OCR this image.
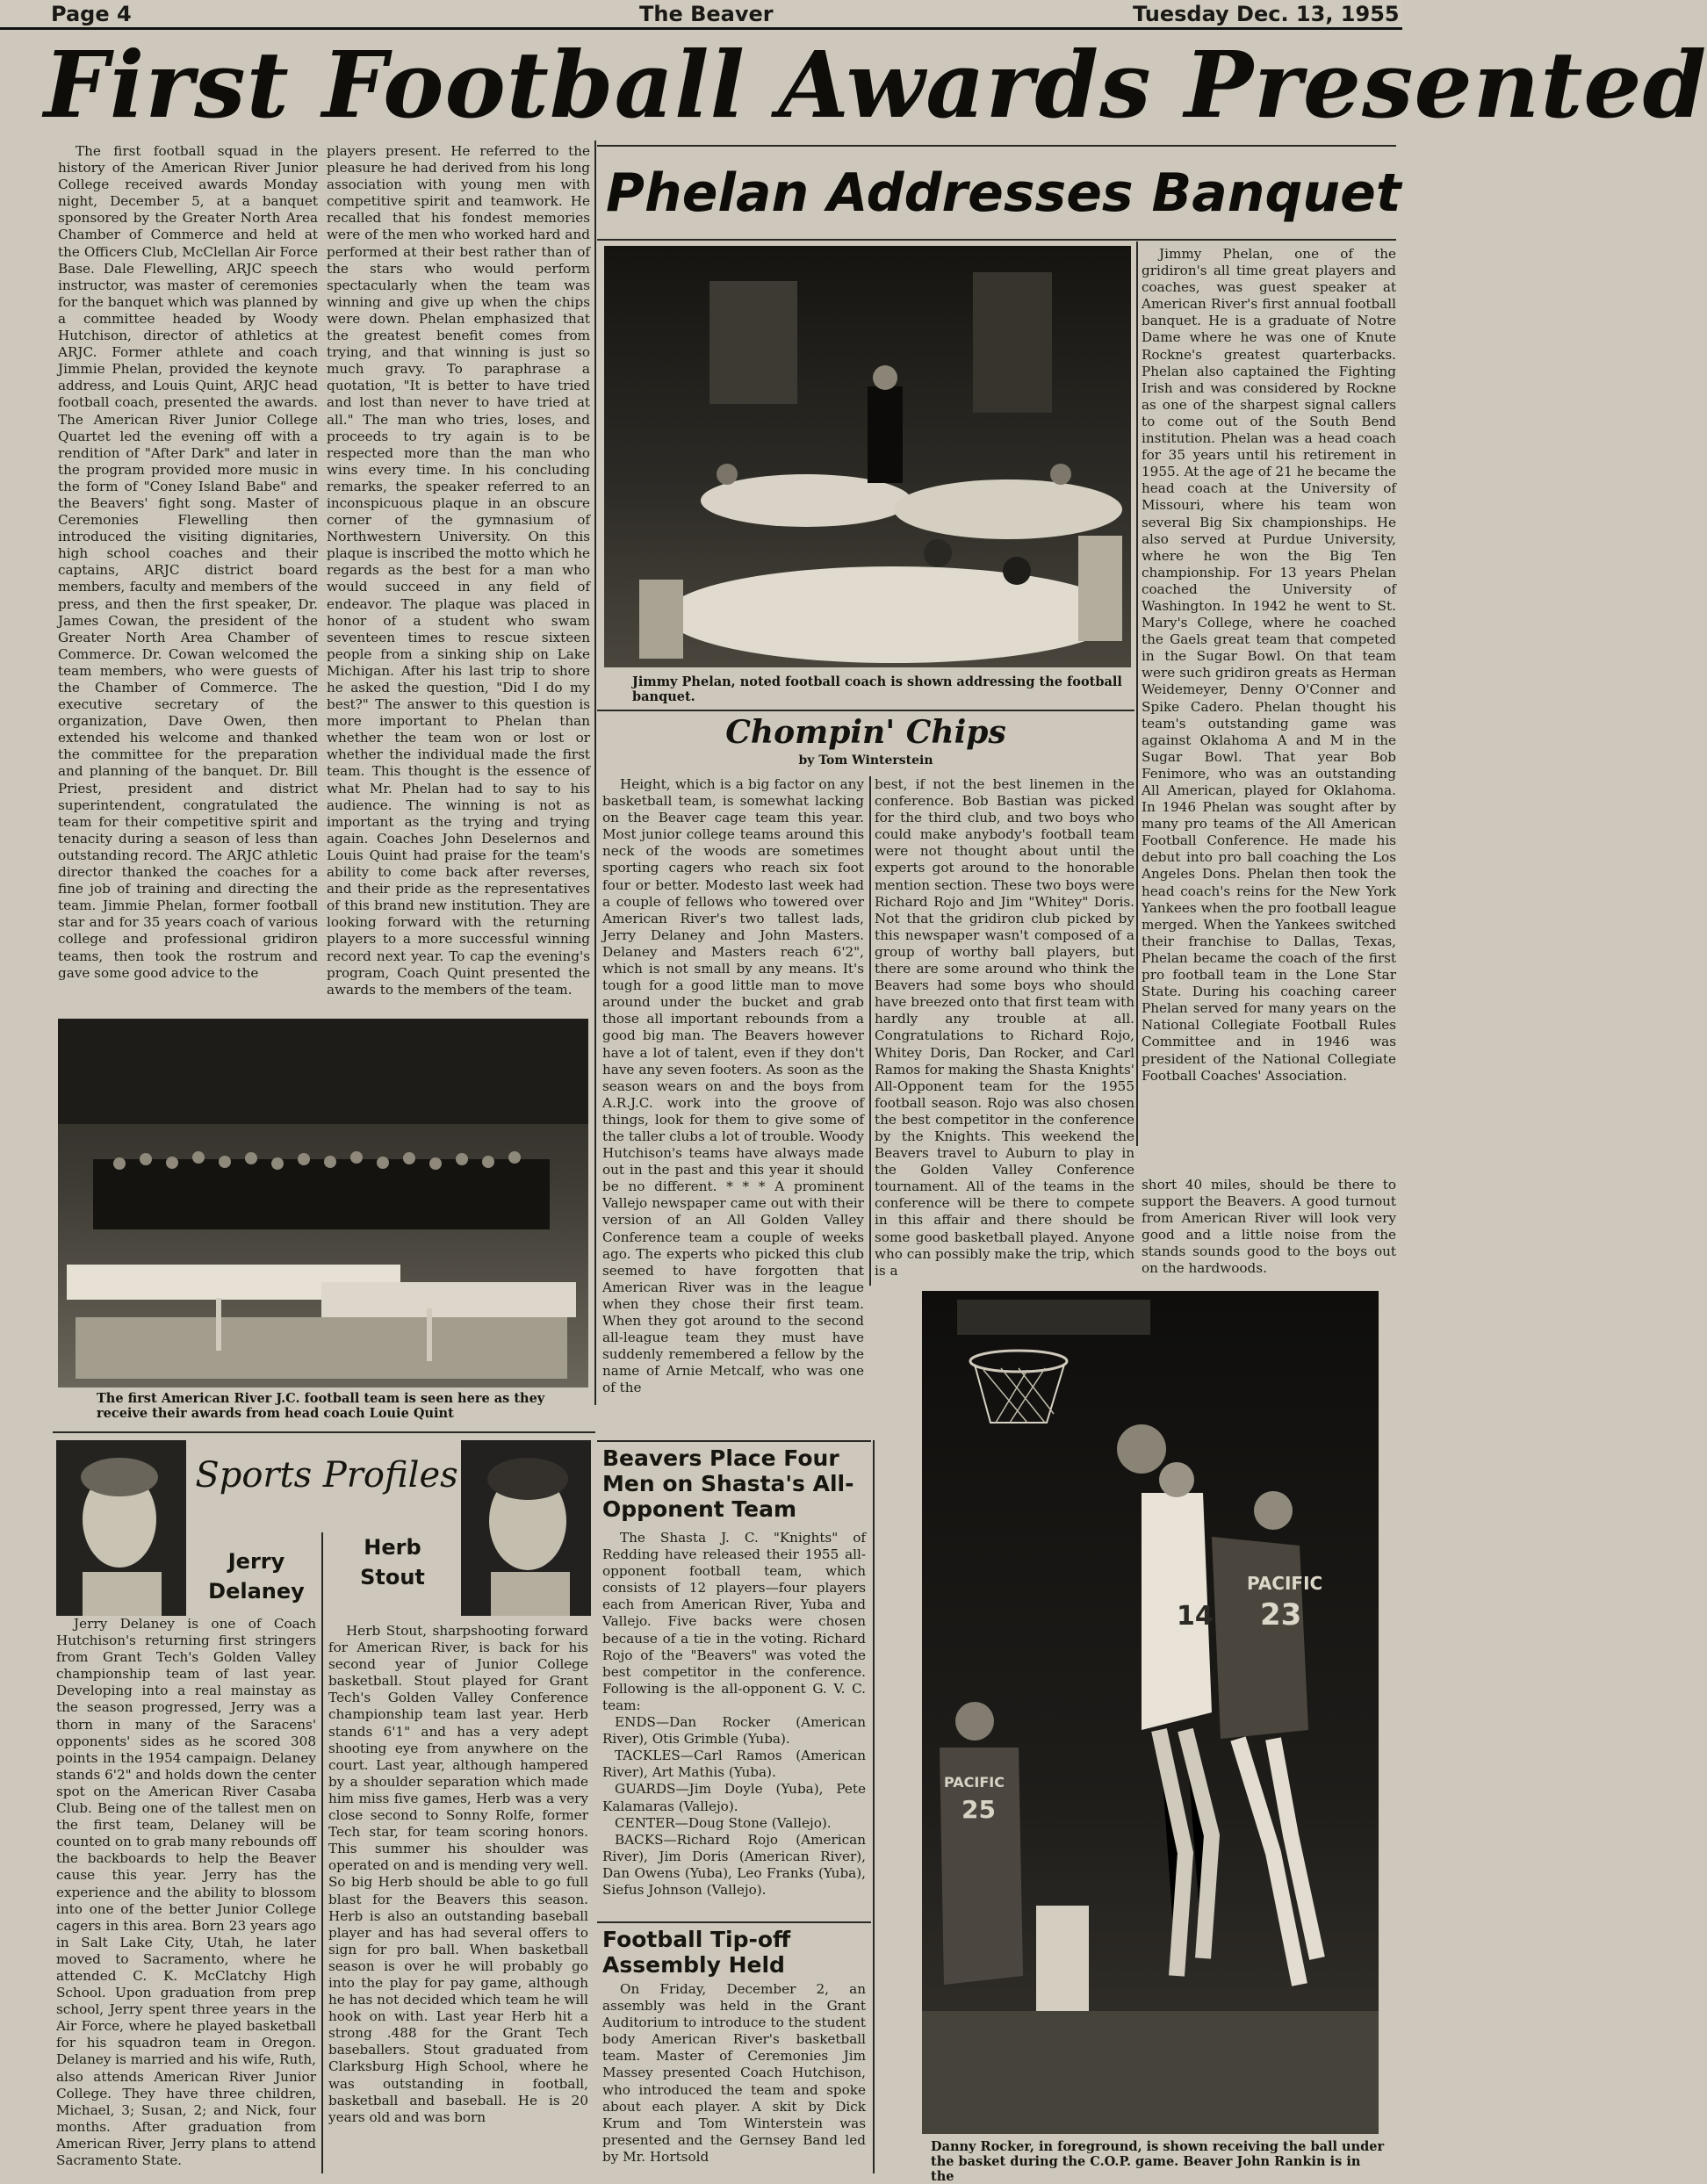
Page 4	The Beaver	Tuesday Dec. 13, 1955
First Football Awards Presented

The first football squad in the history of the American River Junior College received awards Monday night, December 5, at a banquet sponsored by the Greater North Area Chamber of Commerce and held at the Officers Club, McClellan Air Force Base. Dale Flewelling, ARJC speech instructor, was master of ceremonies for the banquet which was planned by a committee headed by Woody Hutchison, director of athletics at ARJC. Former athlete and coach Jimmie Phelan, provided the keynote address, and Louis Quint, ARJC head football coach, presented the awards. The American River Junior College Quartet led the evening off with a rendition of "After Dark" and later in the program provided more music in the form of "Coney Island Babe" and the Beavers' fight song. Master of Ceremonies Flewelling then introduced the visiting dignitaries, high school coaches and their captains, ARJC district board members, faculty and members of the press, and then the first speaker, Dr. James Cowan, the president of the Greater North Area Chamber of Commerce. Dr. Cowan welcomed the team members, who were guests of the Chamber of Commerce. The executive secretary of the organization, Dave Owen, then extended his welcome and thanked the committee for the preparation and planning of the banquet. Dr. Bill Priest, president and district superintendent, congratulated the team for their competitive spirit and tenacity during a season of less than outstanding record. The ARJC athletic director thanked the coaches for a fine job of training and directing the team. Jimmie Phelan, former football star and for 35 years coach of various college and professional gridiron teams, then took the rostrum and gave some good advice to the

players present. He referred to the pleasure he had derived from his long association with young men with competitive spirit and teamwork. He recalled that his fondest memories were of the men who worked hard and performed at their best rather than of the stars who would perform spectacularly when the team was winning and give up when the chips were down. Phelan emphasized that the greatest benefit comes from trying, and that winning is just so much gravy. To paraphrase a quotation, "It is better to have tried and lost than never to have tried at all." The man who tries, loses, and proceeds to try again is to be respected more than the man who wins every time. In his concluding remarks, the speaker referred to an inconspicuous plaque in an obscure corner of the gymnasium of Northwestern University. On this plaque is inscribed the motto which he regards as the best for a man who would succeed in any field of endeavor. The plaque was placed in honor of a student who swam seventeen times to rescue sixteen people from a sinking ship on Lake Michigan. After his last trip to shore he asked the question, "Did I do my best?" The answer to this question is more important to Phelan than whether the team won or lost or whether the individual made the first team. This thought is the essence of what Mr. Phelan had to say to his audience. The winning is not as important as the trying and trying again. Coaches John Deselernos and Louis Quint had praise for the team's ability to come back after reverses, and their pride as the representatives of this brand new institution. They are looking forward with the returning players to a more successful winning record next year. To cap the evening's program, Coach Quint presented the awards to the members of the team.

Phelan Addresses Banquet
Jimmy Phelan, noted football coach is shown addressing the football banquet.

Jimmy Phelan, one of the gridiron's all time great players and coaches, was guest speaker at American River's first annual football banquet. He is a graduate of Notre Dame where he was one of Knute Rockne's greatest quarterbacks. Phelan also captained the Fighting Irish and was considered by Rockne as one of the sharpest signal callers to come out of the South Bend institution. Phelan was a head coach for 35 years until his retirement in 1955. At the age of 21 he became the head coach at the University of Missouri, where his team won several Big Six championships. He also served at Purdue University, where he won the Big Ten championship. For 13 years Phelan coached the University of Washington. In 1942 he went to St. Mary's College, where he coached the Gaels great team that competed in the Sugar Bowl. On that team were such gridiron greats as Herman Weidemeyer, Denny O'Conner and Spike Cadero. Phelan thought his team's outstanding game was against Oklahoma A and M in the Sugar Bowl. That year Bob Fenimore, who was an outstanding All American, played for Oklahoma. In 1946 Phelan was sought after by many pro teams of the All American Football Conference. He made his debut into pro ball coaching the Los Angeles Dons. Phelan then took the head coach's reins for the New York Yankees when the pro football league merged. When the Yankees switched their franchise to Dallas, Texas, Phelan became the coach of the first pro football team in the Lone Star State. During his coaching career Phelan served for many years on the National Collegiate Football Rules Committee and in 1946 was president of the National Collegiate Football Coaches' Association.

Chompin' Chips
by Tom Winterstein

Height, which is a big factor on any basketball team, is somewhat lacking on the Beaver cage team this year. Most junior college teams around this neck of the woods are sometimes sporting cagers who reach six foot four or better. Modesto last week had a couple of fellows who towered over American River's two tallest lads, Jerry Delaney and John Masters. Delaney and Masters reach 6'2", which is not small by any means. It's tough for a good little man to move around under the bucket and grab those all important rebounds from a good big man. The Beavers however have a lot of talent, even if they don't have any seven footers. As soon as the season wears on and the boys from A.R.J.C. work into the groove of things, look for them to give some of the taller clubs a lot of trouble. Woody Hutchison's teams have always made out in the past and this year it should be no different. * * * A prominent Vallejo newspaper came out with their version of an All Golden Valley Conference team a couple of weeks ago. The experts who picked this club seemed to have forgotten that American River was in the league when they chose their first team. When they got around to the second all-league team they must have suddenly remembered a fellow by the name of Arnie Metcalf, who was one of the

best, if not the best linemen in the conference. Bob Bastian was picked for the third club, and two boys who could make anybody's football team were not thought about until the experts got around to the honorable mention section. These two boys were Richard Rojo and Jim "Whitey" Doris. Not that the gridiron club picked by this newspaper wasn't composed of a group of worthy ball players, but there are some around who think the Beavers had some boys who should have breezed onto that first team with hardly any trouble at all. Congratulations to Richard Rojo, Whitey Doris, Dan Rocker, and Carl Ramos for making the Shasta Knights' All-Opponent team for the 1955 football season. Rojo was also chosen the best competitor in the conference by the Knights. This weekend the Beavers travel to Auburn to play in the Golden Valley Conference tournament. All of the teams in the conference will be there to compete in this affair and there should be some good basketball played. Anyone who can possibly make the trip, which is a

short 40 miles, should be there to support the Beavers. A good turnout from American River will look very good and a little noise from the stands sounds good to the boys out on the hardwoods.

The first American River J.C. football team is seen here as they receive their awards from head coach Louie Quint
Sports Profiles
Jerry
Delaney
Herb
Stout

Jerry Delaney is one of Coach Hutchison's returning first stringers from Grant Tech's Golden Valley championship team of last year. Developing into a real mainstay as the season progressed, Jerry was a thorn in many of the Saracens' opponents' sides as he scored 308 points in the 1954 campaign. Delaney stands 6'2" and holds down the center spot on the American River Casaba Club. Being one of the tallest men on the first team, Delaney will be counted on to grab many rebounds off the backboards to help the Beaver cause this year. Jerry has the experience and the ability to blossom into one of the better Junior College cagers in this area. Born 23 years ago in Salt Lake City, Utah, he later moved to Sacramento, where he attended C. K. McClatchy High School. Upon graduation from prep school, Jerry spent three years in the Air Force, where he played basketball for his squadron team in Oregon. Delaney is married and his wife, Ruth, also attends American River Junior College. They have three children, Michael, 3; Susan, 2; and Nick, four months. After graduation from American River, Jerry plans to attend Sacramento State.

Herb Stout, sharpshooting forward for American River, is back for his second year of Junior College basketball. Stout played for Grant Tech's Golden Valley Conference championship team last year. Herb stands 6'1" and has a very adept shooting eye from anywhere on the court. Last year, although hampered by a shoulder separation which made him miss five games, Herb was a very close second to Sonny Rolfe, former Tech star, for team scoring honors. This summer his shoulder was operated on and is mending very well. So big Herb should be able to go full blast for the Beavers this season. Herb is also an outstanding baseball player and has had several offers to sign for pro ball. When basketball season is over he will probably go into the play for pay game, although he has not decided which team he will hook on with. Last year Herb hit a strong .488 for the Grant Tech baseballers. Stout graduated from Clarksburg High School, where he was outstanding in football, basketball and baseball. He is 20 years old and was born

Beavers Place Four Men on Shasta's All-Opponent Team

The Shasta J. C. "Knights" of Redding have released their 1955 all-opponent football team, which consists of 12 players—four players each from American River, Yuba and Vallejo. Five backs were chosen because of a tie in the voting. Richard Rojo of the "Beavers" was voted the best competitor in the conference. Following is the all-opponent G. V. C. team:

ENDS—Dan Rocker (American River), Otis Grimble (Yuba).

TACKLES—Carl Ramos (American River), Art Mathis (Yuba).

GUARDS—Jim Doyle (Yuba), Pete Kalamaras (Vallejo).

CENTER—Doug Stone (Vallejo).

BACKS—Richard Rojo (American River), Jim Doris (American River), Dan Owens (Yuba), Leo Franks (Yuba), Siefus Johnson (Vallejo).

Football Tip-off Assembly Held

On Friday, December 2, an assembly was held in the Grant Auditorium to introduce to the student body American River's basketball team. Master of Ceremonies Jim Massey presented Coach Hutchison, who introduced the team and spoke about each player. A skit by Dick Krum and Tom Winterstein was presented and the Gernsey Band led by Mr. Hortsold

PACIFIC
23
14
PACIFIC
25
Danny Rocker, in foreground, is shown receiving the ball under the basket during the C.O.P. game. Beaver John Rankin is in the
